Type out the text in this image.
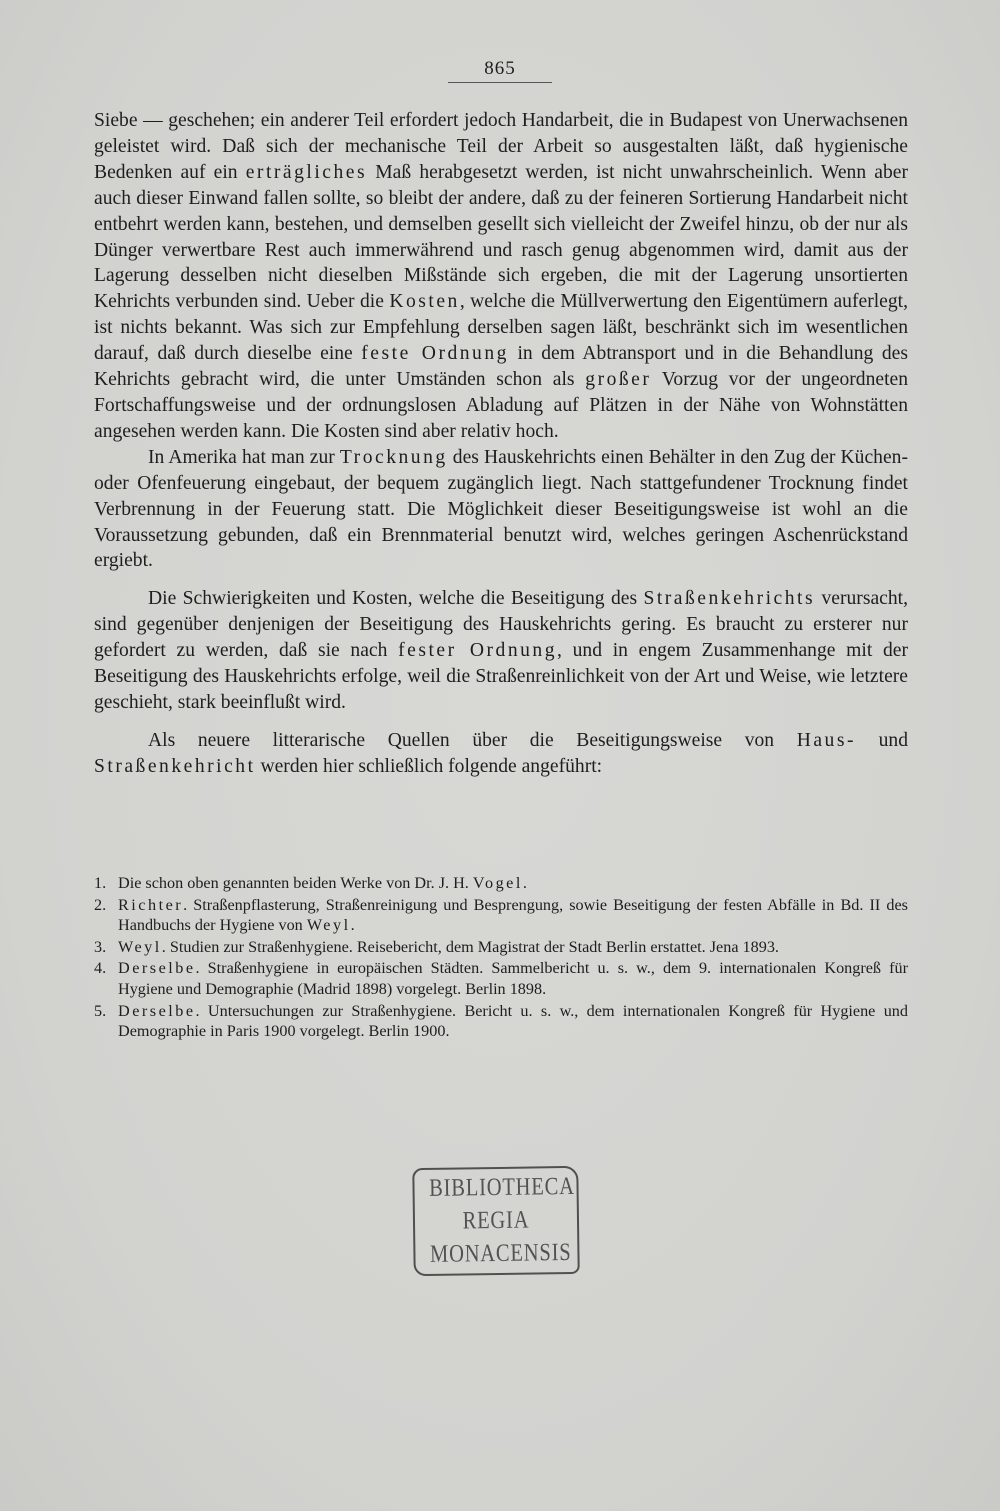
865

Siebe — geschehen; ein anderer Teil erfordert jedoch Handarbeit, die in Budapest von Unerwachsenen geleistet wird. Daß sich der mechanische Teil der Arbeit so ausgestalten läßt, daß hygienische Bedenken auf ein erträgliches Maß herabgesetzt werden, ist nicht unwahrscheinlich. Wenn aber auch dieser Einwand fallen sollte, so bleibt der andere, daß zu der feineren Sortierung Handarbeit nicht entbehrt werden kann, bestehen, und demselben gesellt sich vielleicht der Zweifel hinzu, ob der nur als Dünger verwertbare Rest auch immerwährend und rasch genug abgenommen wird, damit aus der Lagerung desselben nicht dieselben Mißstände sich ergeben, die mit der Lagerung unsortierten Kehrichts verbunden sind. Ueber die Kosten, welche die Müllverwertung den Eigentümern auferlegt, ist nichts bekannt. Was sich zur Empfehlung derselben sagen läßt, beschränkt sich im wesentlichen darauf, daß durch dieselbe eine feste Ordnung in dem Abtransport und in die Behandlung des Kehrichts gebracht wird, die unter Umständen schon als großer Vorzug vor der ungeordneten Fortschaffungsweise und der ordnungslosen Abladung auf Plätzen in der Nähe von Wohnstätten angesehen werden kann. Die Kosten sind aber relativ hoch.

In Amerika hat man zur Trocknung des Hauskehrichts einen Behälter in den Zug der Küchen- oder Ofenfeuerung eingebaut, der bequem zugänglich liegt. Nach stattgefundener Trocknung findet Verbrennung in der Feuerung statt. Die Möglichkeit dieser Beseitigungsweise ist wohl an die Voraussetzung gebunden, daß ein Brennmaterial benutzt wird, welches geringen Aschenrückstand ergiebt.

Die Schwierigkeiten und Kosten, welche die Beseitigung des Straßenkehrichts verursacht, sind gegenüber denjenigen der Beseitigung des Hauskehrichts gering. Es braucht zu ersterer nur gefordert zu werden, daß sie nach fester Ordnung, und in engem Zusammenhange mit der Beseitigung des Hauskehrichts erfolge, weil die Straßenreinlichkeit von der Art und Weise, wie letztere geschieht, stark beeinflußt wird.

Als neuere litterarische Quellen über die Beseitigungsweise von Haus- und Straßenkehricht werden hier schließlich folgende angeführt:

1. Die schon oben genannten beiden Werke von Dr. J. H. Vogel.
2. Richter. Straßenpflasterung, Straßenreinigung und Besprengung, sowie Beseitigung der festen Abfälle in Bd. II des Handbuchs der Hygiene von Weyl.
3. Weyl. Studien zur Straßenhygiene. Reisebericht, dem Magistrat der Stadt Berlin erstattet. Jena 1893.
4. Derselbe. Straßenhygiene in europäischen Städten. Sammelbericht u. s. w., dem 9. internationalen Kongreß für Hygiene und Demographie (Madrid 1898) vorgelegt. Berlin 1898.
5. Derselbe. Untersuchungen zur Straßenhygiene. Bericht u. s. w., dem internationalen Kongreß für Hygiene und Demographie in Paris 1900 vorgelegt. Berlin 1900.
BIBLIOTHECA
REGIA
MONACENSIS
